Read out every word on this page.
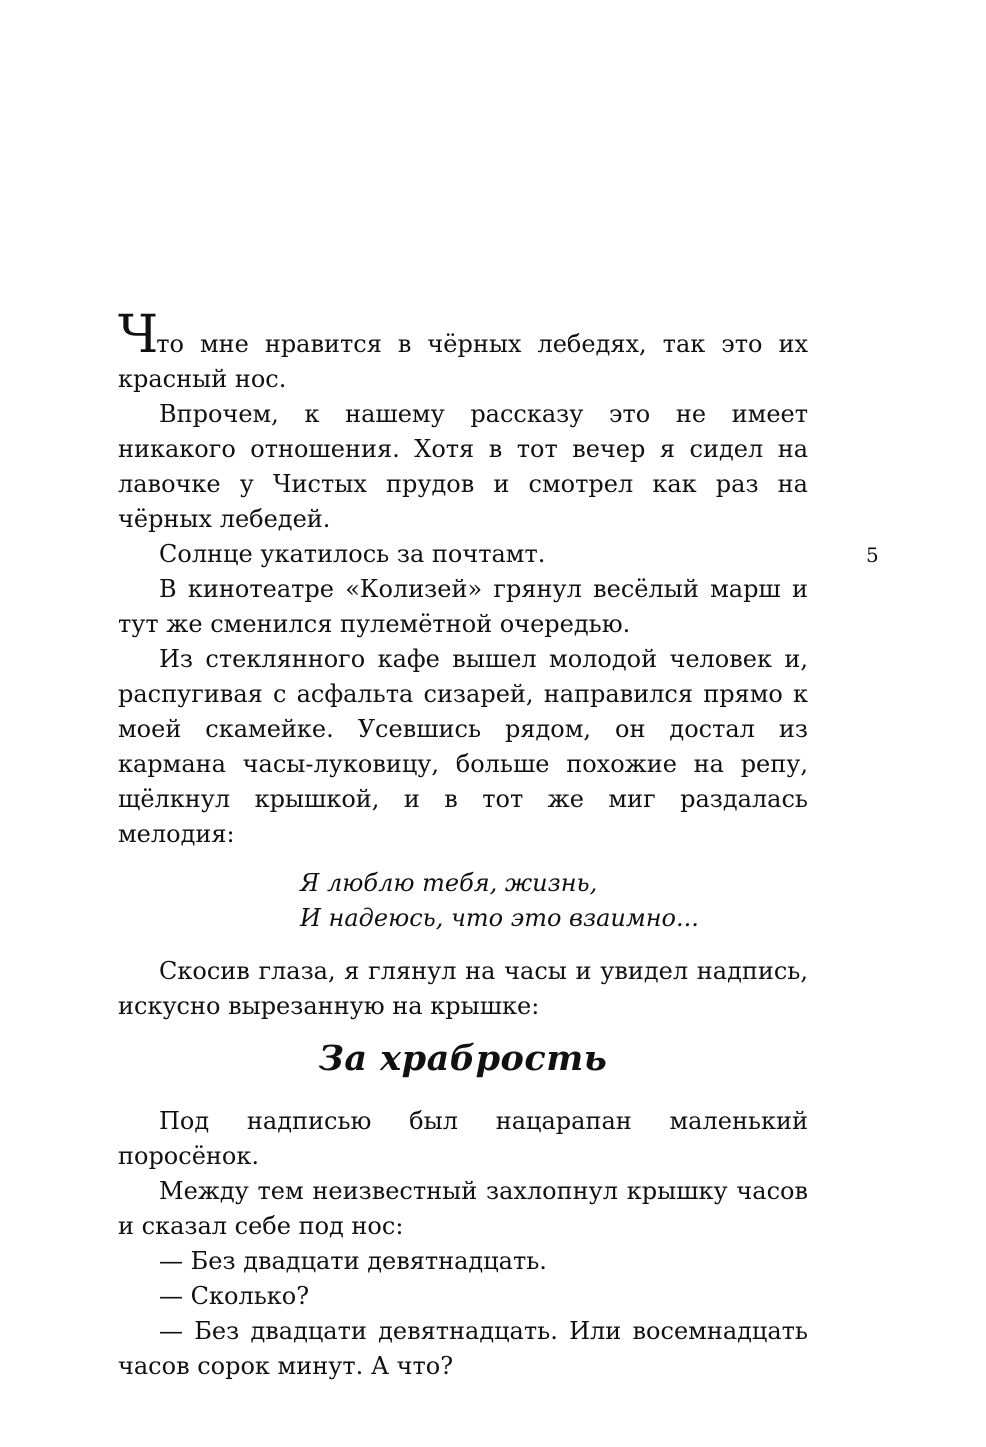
Что мне нравится в чёрных лебедях, так это их красный нос.

Впрочем, к нашему рассказу это не имеет никакого отношения. Хотя в тот вечер я сидел на лавочке у Чистых прудов и смотрел как раз на чёрных лебедей.

Солнце укатилось за почтамт.

В кинотеатре «Колизей» грянул весёлый марш и тут же сменился пулемётной очередью.

Из стеклянного кафе вышел молодой человек и, распугивая с асфальта сизарей, направился прямо к моей скамейке. Усевшись рядом, он достал из кармана часы-луковицу, больше похожие на репу, щёлкнул крышкой, и в тот же миг раздалась мелодия:

Я люблю тебя, жизнь,
И надеюсь, что это взаимно...

Скосив глаза, я глянул на часы и увидел надпись, искусно вырезанную на крышке:

За храбрость

Под надписью был нацарапан маленький поросёнок.

Между тем неизвестный захлопнул крышку часов и сказал себе под нос:

— Без двадцати девятнадцать.

— Сколько?

— Без двадцати девятнадцать. Или восемнадцать часов сорок минут. А что?

5
